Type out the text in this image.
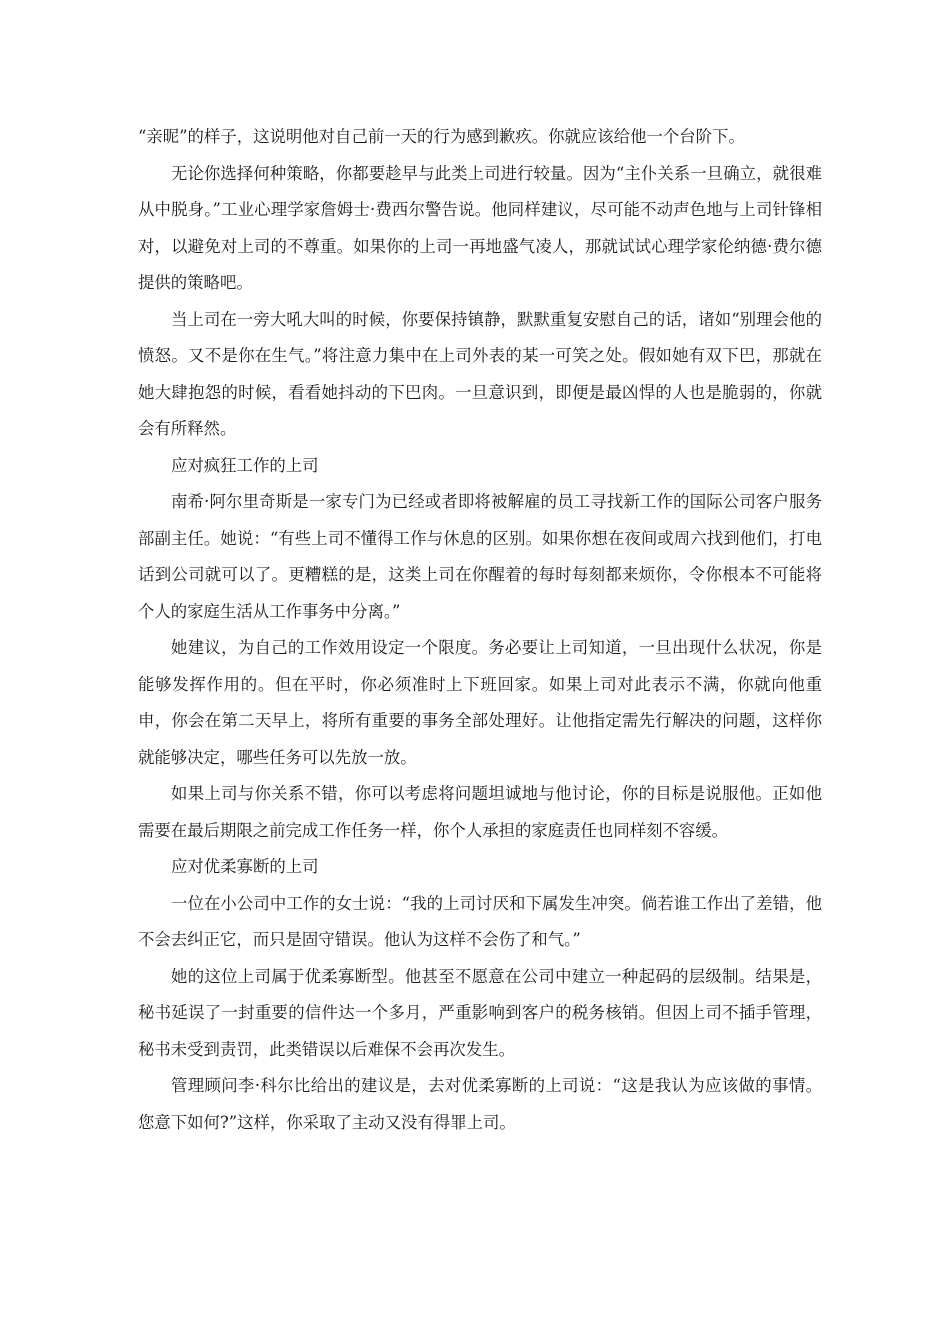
“亲昵”的样子，这说明他对自己前一天的行为感到歉疚。你就应该给他一个台阶下。

无论你选择何种策略，你都要趁早与此类上司进行较量。因为“主仆关系一旦确立，就很难从中脱身。”工业心理学家詹姆士·费西尔警告说。他同样建议，尽可能不动声色地与上司针锋相对，以避免对上司的不尊重。如果你的上司一再地盛气凌人，那就试试心理学家伦纳德·费尔德提供的策略吧。

当上司在一旁大吼大叫的时候，你要保持镇静，默默重复安慰自己的话，诸如“别理会他的愤怒。又不是你在生气。”将注意力集中在上司外表的某一可笑之处。假如她有双下巴，那就在她大肆抱怨的时候，看看她抖动的下巴肉。一旦意识到，即便是最凶悍的人也是脆弱的，你就会有所释然。

应对疯狂工作的上司

南希·阿尔里奇斯是一家专门为已经或者即将被解雇的员工寻找新工作的国际公司客户服务部副主任。她说：“有些上司不懂得工作与休息的区别。如果你想在夜间或周六找到他们，打电话到公司就可以了。更糟糕的是，这类上司在你醒着的每时每刻都来烦你，令你根本不可能将个人的家庭生活从工作事务中分离。”

她建议，为自己的工作效用设定一个限度。务必要让上司知道，一旦出现什么状况，你是能够发挥作用的。但在平时，你必须准时上下班回家。如果上司对此表示不满，你就向他重申，你会在第二天早上，将所有重要的事务全部处理好。让他指定需先行解决的问题，这样你就能够决定，哪些任务可以先放一放。

如果上司与你关系不错，你可以考虑将问题坦诚地与他讨论，你的目标是说服他。正如他需要在最后期限之前完成工作任务一样，你个人承担的家庭责任也同样刻不容缓。

应对优柔寡断的上司

一位在小公司中工作的女士说：“我的上司讨厌和下属发生冲突。倘若谁工作出了差错，他不会去纠正它，而只是固守错误。他认为这样不会伤了和气。”

她的这位上司属于优柔寡断型。他甚至不愿意在公司中建立一种起码的层级制。结果是，秘书延误了一封重要的信件达一个多月，严重影响到客户的税务核销。但因上司不插手管理，秘书未受到责罚，此类错误以后难保不会再次发生。

管理顾问李·科尔比给出的建议是，去对优柔寡断的上司说：“这是我认为应该做的事情。您意下如何?”这样，你采取了主动又没有得罪上司。
